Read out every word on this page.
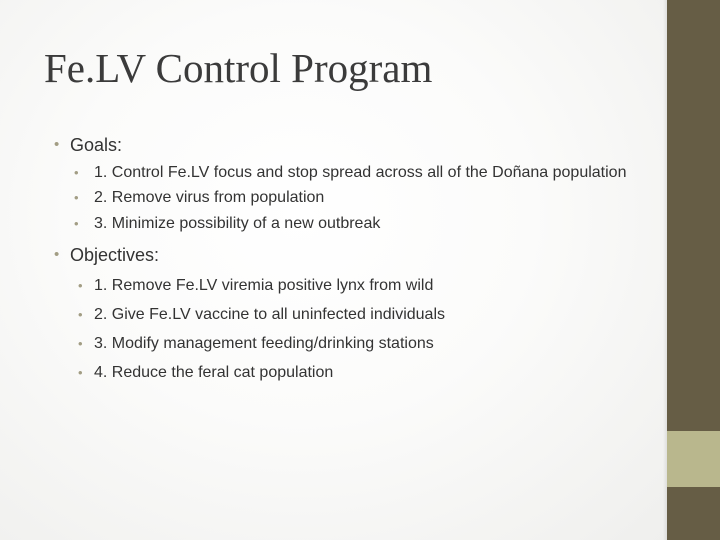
Fe.LV Control Program
• Goals:
• 1. Control Fe.LV focus and stop spread across all of the Doñana population
• 2. Remove virus from population
• 3. Minimize possibility of a new outbreak
• Objectives:
• 1. Remove Fe.LV viremia positive lynx from wild
• 2. Give Fe.LV vaccine to all uninfected individuals
• 3. Modify management feeding/drinking stations
• 4. Reduce the feral cat population
